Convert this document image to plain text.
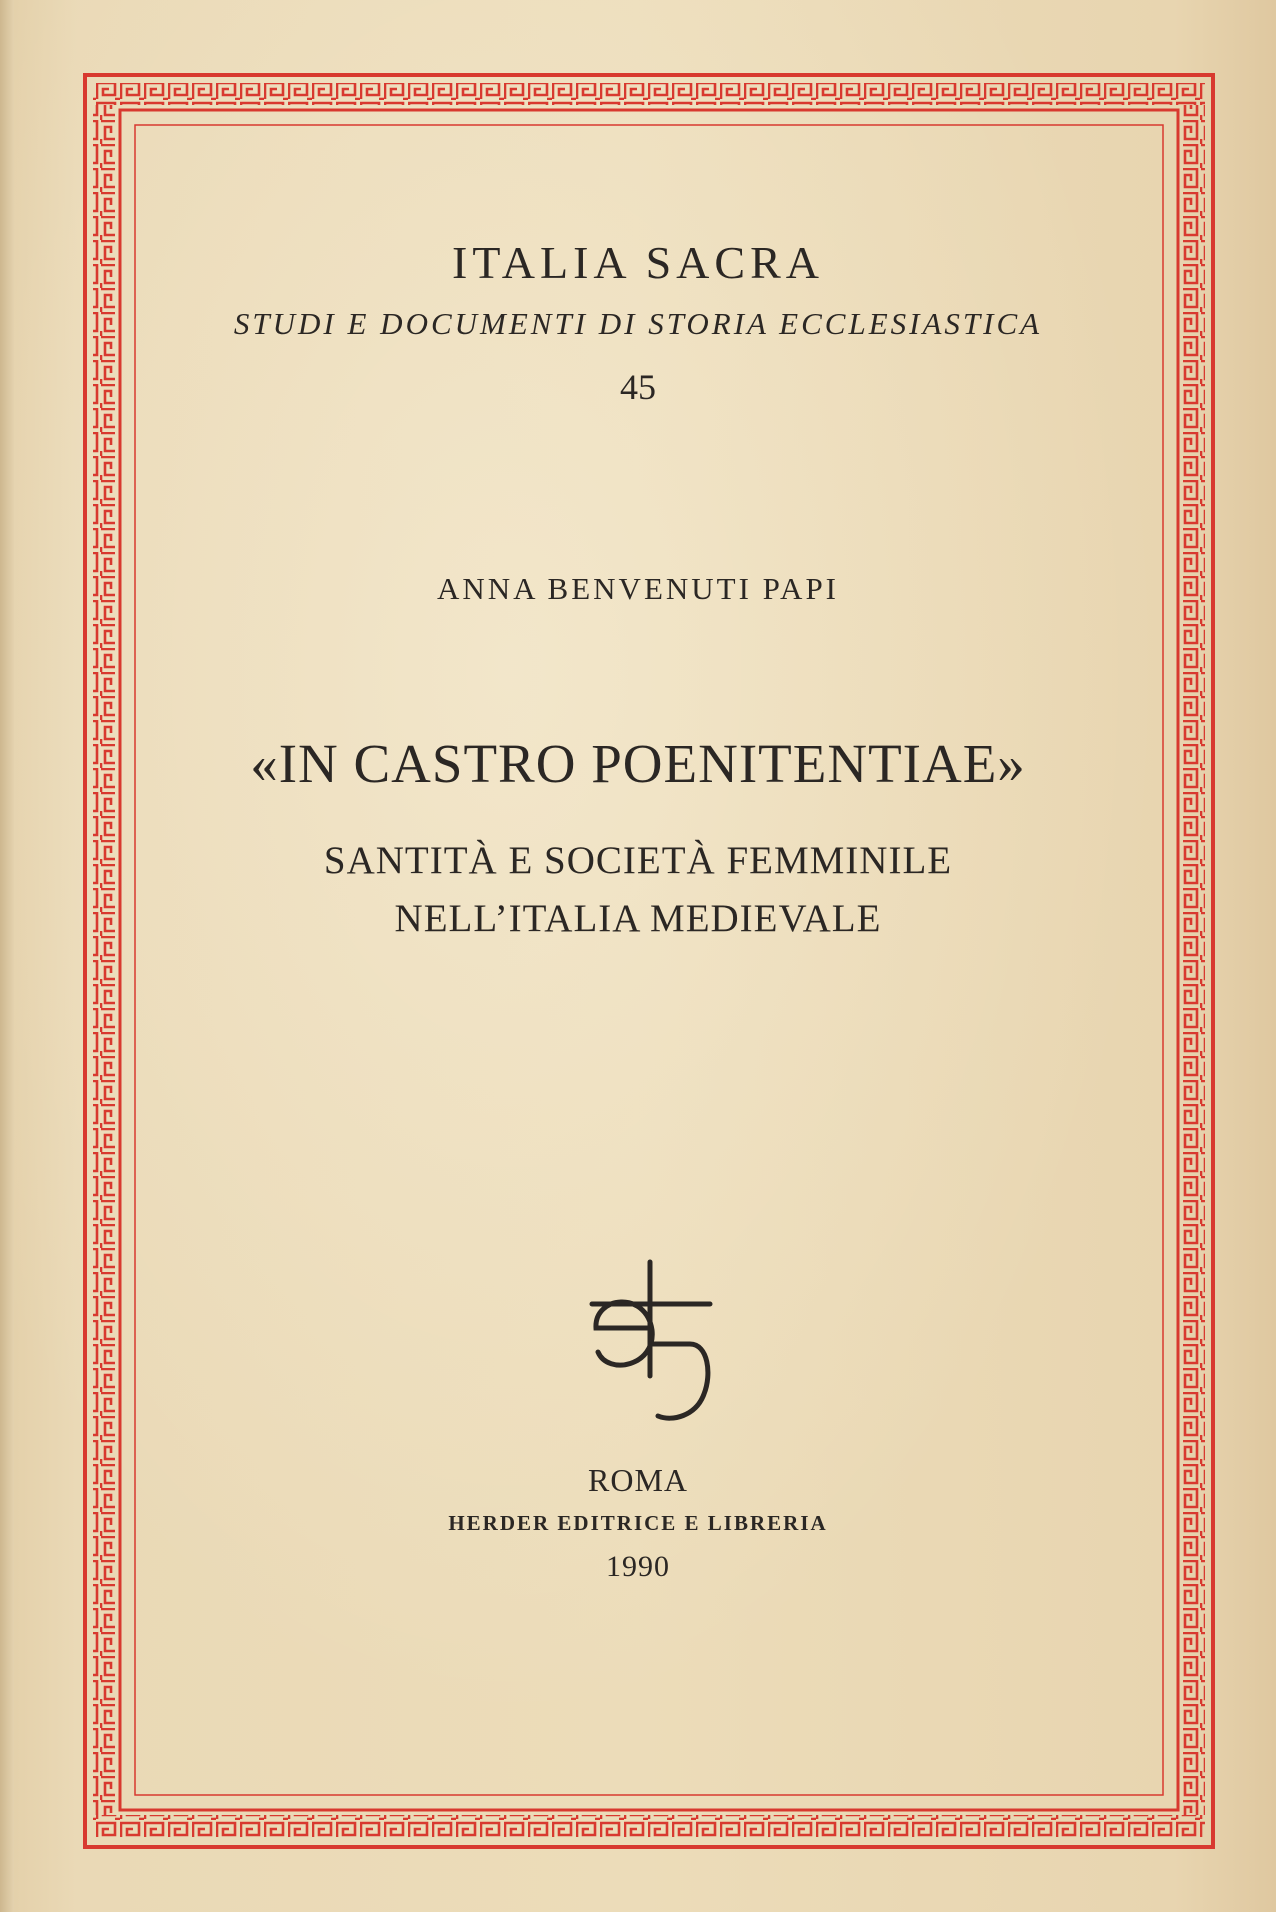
ITALIA SACRA
STUDI E DOCUMENTI DI STORIA ECCLESIASTICA
45
ANNA BENVENUTI PAPI
«IN CASTRO POENITENTIAE»
SANTITÀ E SOCIETÀ FEMMINILE
NELL’ITALIA MEDIEVALE
ROMA
HERDER EDITRICE E LIBRERIA
1990
